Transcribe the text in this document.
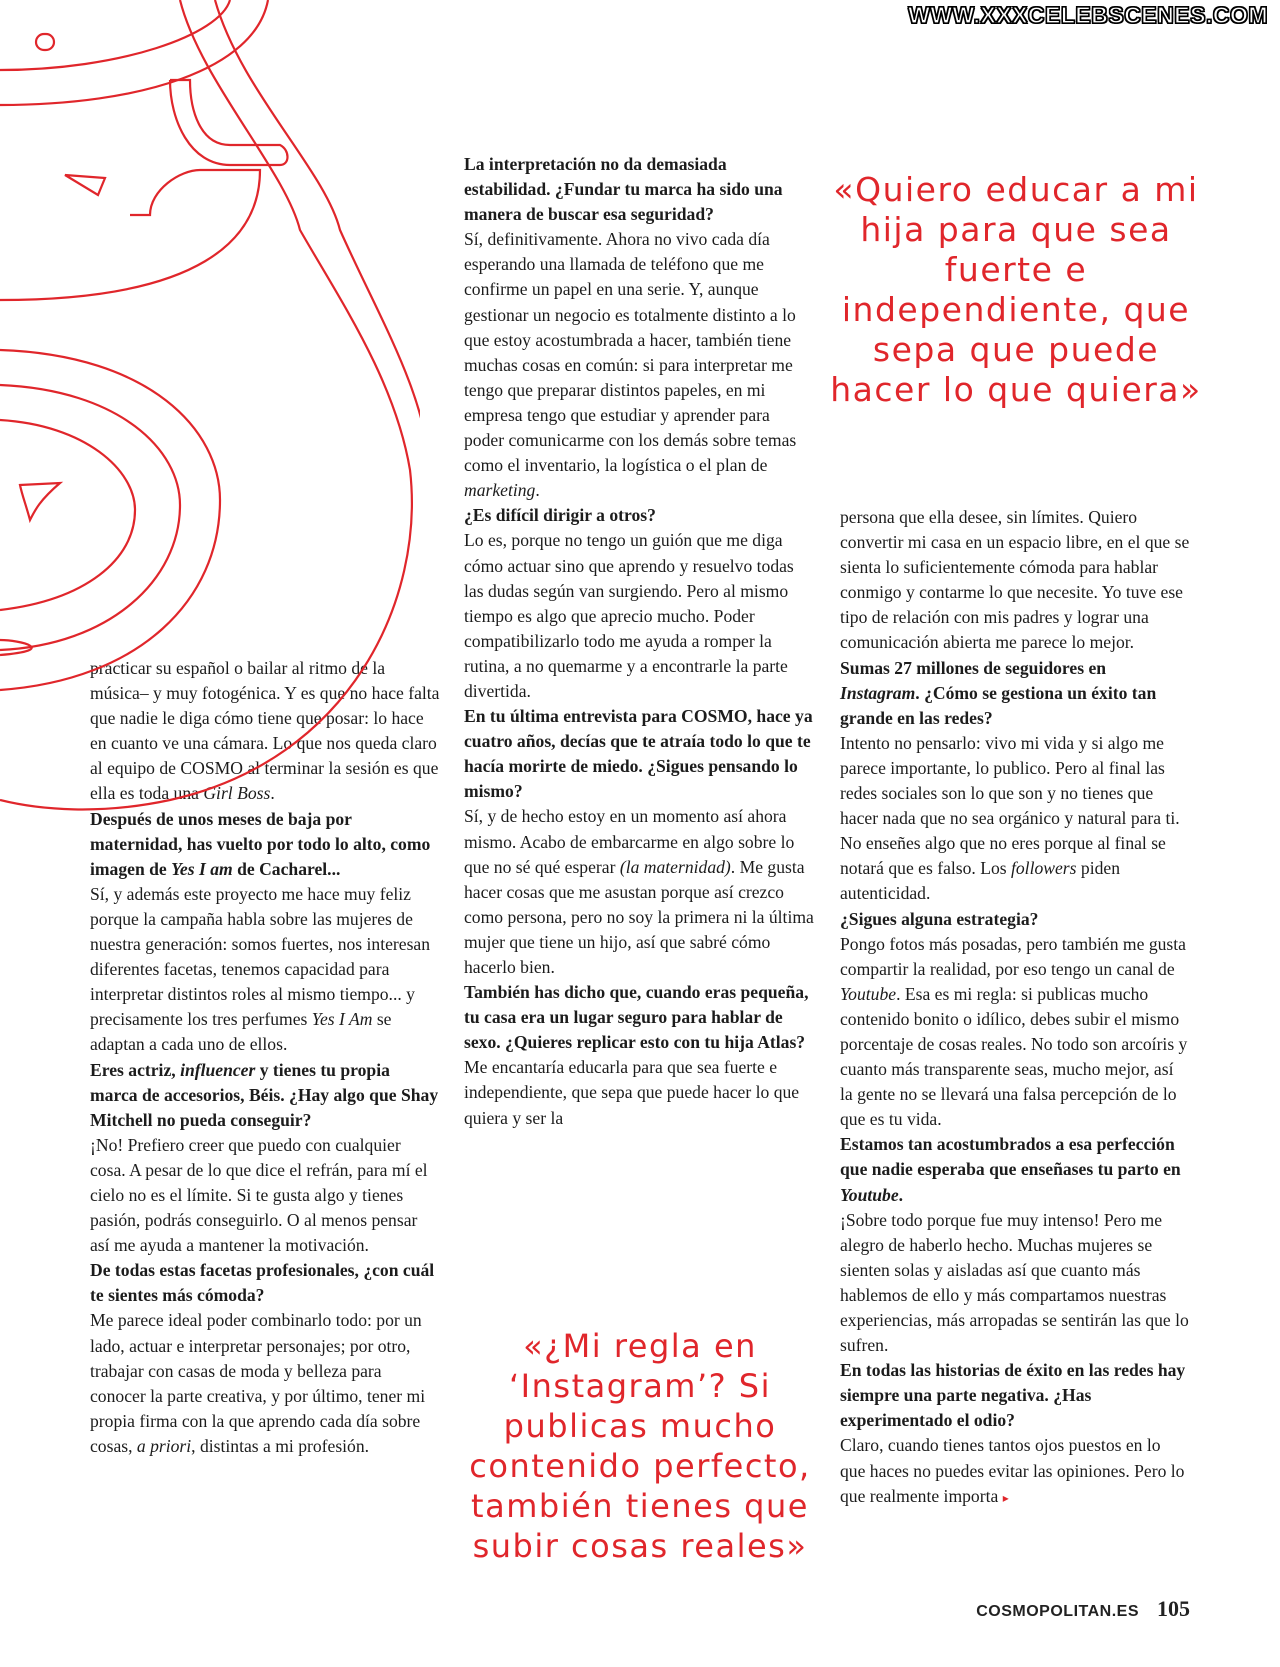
WWW.XXXCELEBSCENES.COM

practicar su español o bailar al ritmo de la música– y muy fotogénica. Y es que no hace falta que nadie le diga cómo tiene que posar: lo hace en cuanto ve una cámara. Lo que nos queda claro al equipo de COSMO al terminar la sesión es que ella es toda una Girl Boss.

Después de unos meses de baja por maternidad, has vuelto por todo lo alto, como imagen de Yes I am de Cacharel...

Sí, y además este proyecto me hace muy feliz porque la campaña habla sobre las mujeres de nuestra generación: somos fuertes, nos interesan diferentes facetas, tenemos capacidad para interpretar distintos roles al mismo tiempo... y precisamente los tres perfumes Yes I Am se adaptan a cada uno de ellos.

Eres actriz, influencer y tienes tu propia marca de accesorios, Béis. ¿Hay algo que Shay Mitchell no pueda conseguir?

¡No! Prefiero creer que puedo con cualquier cosa. A pesar de lo que dice el refrán, para mí el cielo no es el límite. Si te gusta algo y tienes pasión, podrás conseguirlo. O al menos pensar así me ayuda a mantener la motivación.

De todas estas facetas profesionales, ¿con cuál te sientes más cómoda?

Me parece ideal poder combinarlo todo: por un lado, actuar e interpretar personajes; por otro, trabajar con casas de moda y belleza para conocer la parte creativa, y por último, tener mi propia firma con la que aprendo cada día sobre cosas, a priori, distintas a mi profesión.

La interpretación no da demasiada estabilidad. ¿Fundar tu marca ha sido una manera de buscar esa seguridad?

Sí, definitivamente. Ahora no vivo cada día esperando una llamada de teléfono que me confirme un papel en una serie. Y, aunque gestionar un negocio es totalmente distinto a lo que estoy acostumbrada a hacer, también tiene muchas cosas en común: si para interpretar me tengo que preparar distintos papeles, en mi empresa tengo que estudiar y aprender para poder comunicarme con los demás sobre temas como el inventario, la logística o el plan de marketing.

¿Es difícil dirigir a otros?

Lo es, porque no tengo un guión que me diga cómo actuar sino que aprendo y resuelvo todas las dudas según van surgiendo. Pero al mismo tiempo es algo que aprecio mucho. Poder compatibilizarlo todo me ayuda a romper la rutina, a no quemarme y a encontrarle la parte divertida.

En tu última entrevista para COSMO, hace ya cuatro años, decías que te atraía todo lo que te hacía morirte de miedo. ¿Sigues pensando lo mismo?

Sí, y de hecho estoy en un momento así ahora mismo. Acabo de embarcarme en algo sobre lo que no sé qué esperar (la maternidad). Me gusta hacer cosas que me asustan porque así crezco como persona, pero no soy la primera ni la última mujer que tiene un hijo, así que sabré cómo hacerlo bien.

También has dicho que, cuando eras pequeña, tu casa era un lugar seguro para hablar de sexo. ¿Quieres replicar esto con tu hija Atlas?

Me encantaría educarla para que sea fuerte e independiente, que sepa que puede hacer lo que quiera y ser la

«Quiero educar a mi hija para que sea fuerte e independiente, que sepa que puede hacer lo que quiera»

persona que ella desee, sin límites. Quiero convertir mi casa en un espacio libre, en el que se sienta lo suficientemente cómoda para hablar conmigo y contarme lo que necesite. Yo tuve ese tipo de relación con mis padres y lograr una comunicación abierta me parece lo mejor.

Sumas 27 millones de seguidores en Instagram. ¿Cómo se gestiona un éxito tan grande en las redes?

Intento no pensarlo: vivo mi vida y si algo me parece importante, lo publico. Pero al final las redes sociales son lo que son y no tienes que hacer nada que no sea orgánico y natural para ti. No enseñes algo que no eres porque al final se notará que es falso. Los followers piden autenticidad.

¿Sigues alguna estrategia?

Pongo fotos más posadas, pero también me gusta compartir la realidad, por eso tengo un canal de Youtube. Esa es mi regla: si publicas mucho contenido bonito o idílico, debes subir el mismo porcentaje de cosas reales. No todo son arcoíris y cuanto más transparente seas, mucho mejor, así la gente no se llevará una falsa percepción de lo que es tu vida.

Estamos tan acostumbrados a esa perfección que nadie esperaba que enseñases tu parto en Youtube.

¡Sobre todo porque fue muy intenso! Pero me alegro de haberlo hecho. Muchas mujeres se sienten solas y aisladas así que cuanto más hablemos de ello y más compartamos nuestras experiencias, más arropadas se sentirán las que lo sufren.

En todas las historias de éxito en las redes hay siempre una parte negativa. ¿Has experimentado el odio?

Claro, cuando tienes tantos ojos puestos en lo que haces no puedes evitar las opiniones. Pero lo que realmente importa ▸

«¿Mi regla en ‘Instagram’? Si publicas mucho contenido perfecto, también tienes que subir cosas reales»
COSMOPOLITAN.ES 105
